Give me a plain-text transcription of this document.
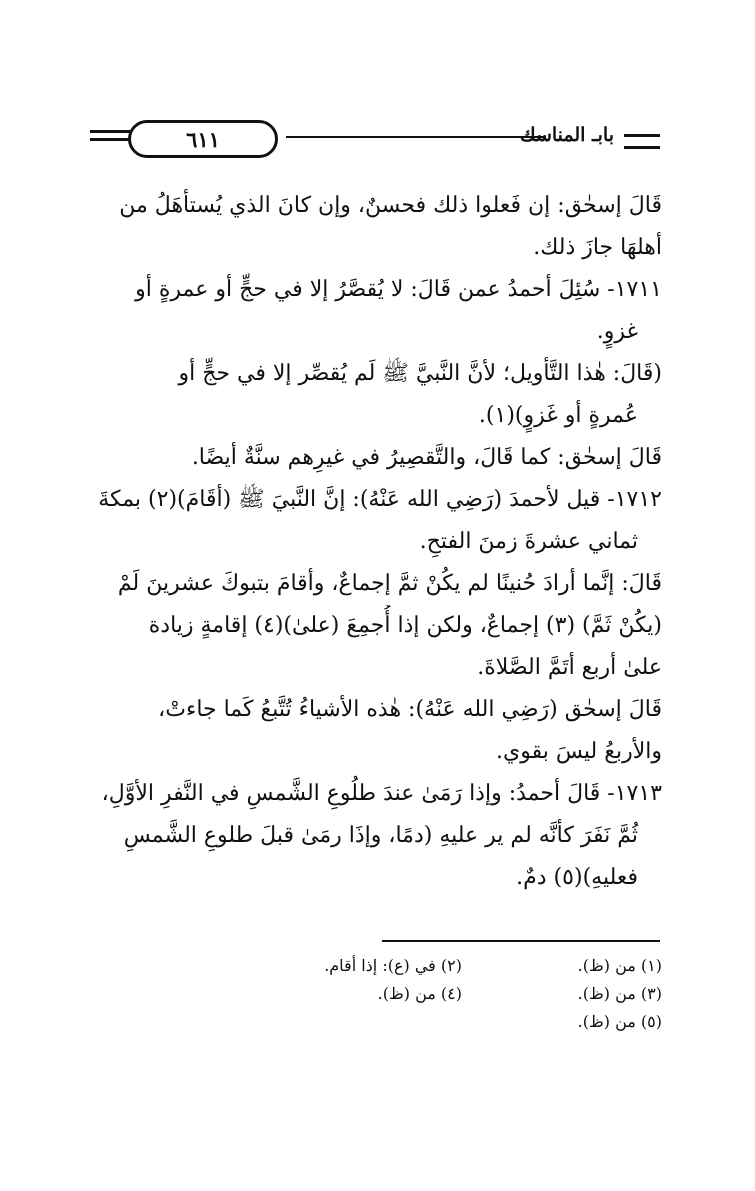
٦١١	بابـ المناسك
قَالَ إسحٰق: إن فَعلوا ذلك فحسنٌ، وإن كانَ الذي يُستأهَلُ من
أهلهَا جازَ ذلك.
١٧١١- سُئِلَ أحمدُ عمن قَالَ: لا يُقصَّرُ إلا في حجٍّ أو عمرةٍ أو
غزوٍ.
(قَالَ: هٰذا التَّأويل؛ لأنَّ النَّبيَّ ﷺ لَم يُقصِّر إلا في حجٍّ أو
عُمرةٍ أو غَزوٍ)(١).
قَالَ إسحٰق: كما قَالَ، والتَّقصِيرُ في غيرِهم سنَّةٌ أيضًا.
١٧١٢- قيل لأحمدَ (رَضِي الله عَنْهُ): إنَّ النَّبيَ ﷺ (أقَامَ)(٢) بمكةَ
ثماني عشرةَ زمنَ الفتحِ.
قَالَ: إنَّما أرادَ حُنينًا لم يكُنْ ثمَّ إجماعٌ، وأقامَ بتبوكَ عشرينَ لَمْ
(يكُنْ ثَمَّ) (٣) إجماعٌ، ولكن إذا أُجمِعَ (علىٰ)(٤) إقامةٍ زيادة
علىٰ أربع أتَمَّ الصَّلاةَ.
قَالَ إسحٰق (رَضِي الله عَنْهُ): هٰذه الأشياءُ تُتَّبعُ كَما جاءتْ،
والأربعُ ليسَ بقوي.
١٧١٣- قَالَ أحمدُ: وإذا رَمَىٰ عندَ طلُوعِ الشَّمسِ في النَّفرِ الأوَّلِ،
ثُمَّ نَفَرَ كأنَّه لم ير عليهِ (دمًا، وإذَا رمَىٰ قبلَ طلوعِ الشَّمسِ
فعليهِ)(٥) دمٌ.
(١) من (ظ).
(٢) في (ع): إذا أقام.
(٣) من (ظ).
(٤) من (ظ).
(٥) من (ظ).
